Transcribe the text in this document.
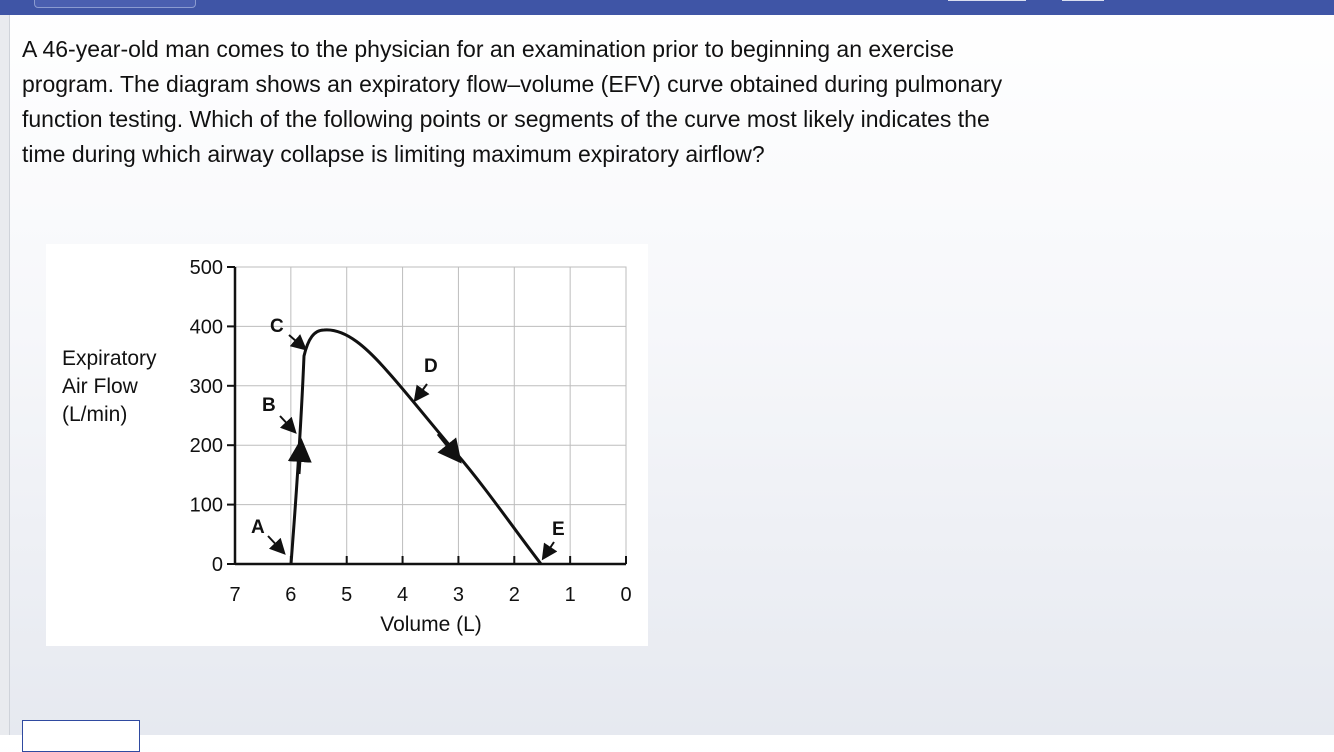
A 46-year-old man comes to the physician for an examination prior to beginning an exercise program. The diagram shows an expiratory flow–volume (EFV) curve obtained during pulmonary function testing. Which of the following points or segments of the curve most likely indicates the time during which airway collapse is limiting maximum expiratory airflow?
0
100
200
300
400
500
7 6 5 4 3 2 1 0
Expiratory
Air Flow
(L/min)
Volume (L)
A
B
C
D
E
